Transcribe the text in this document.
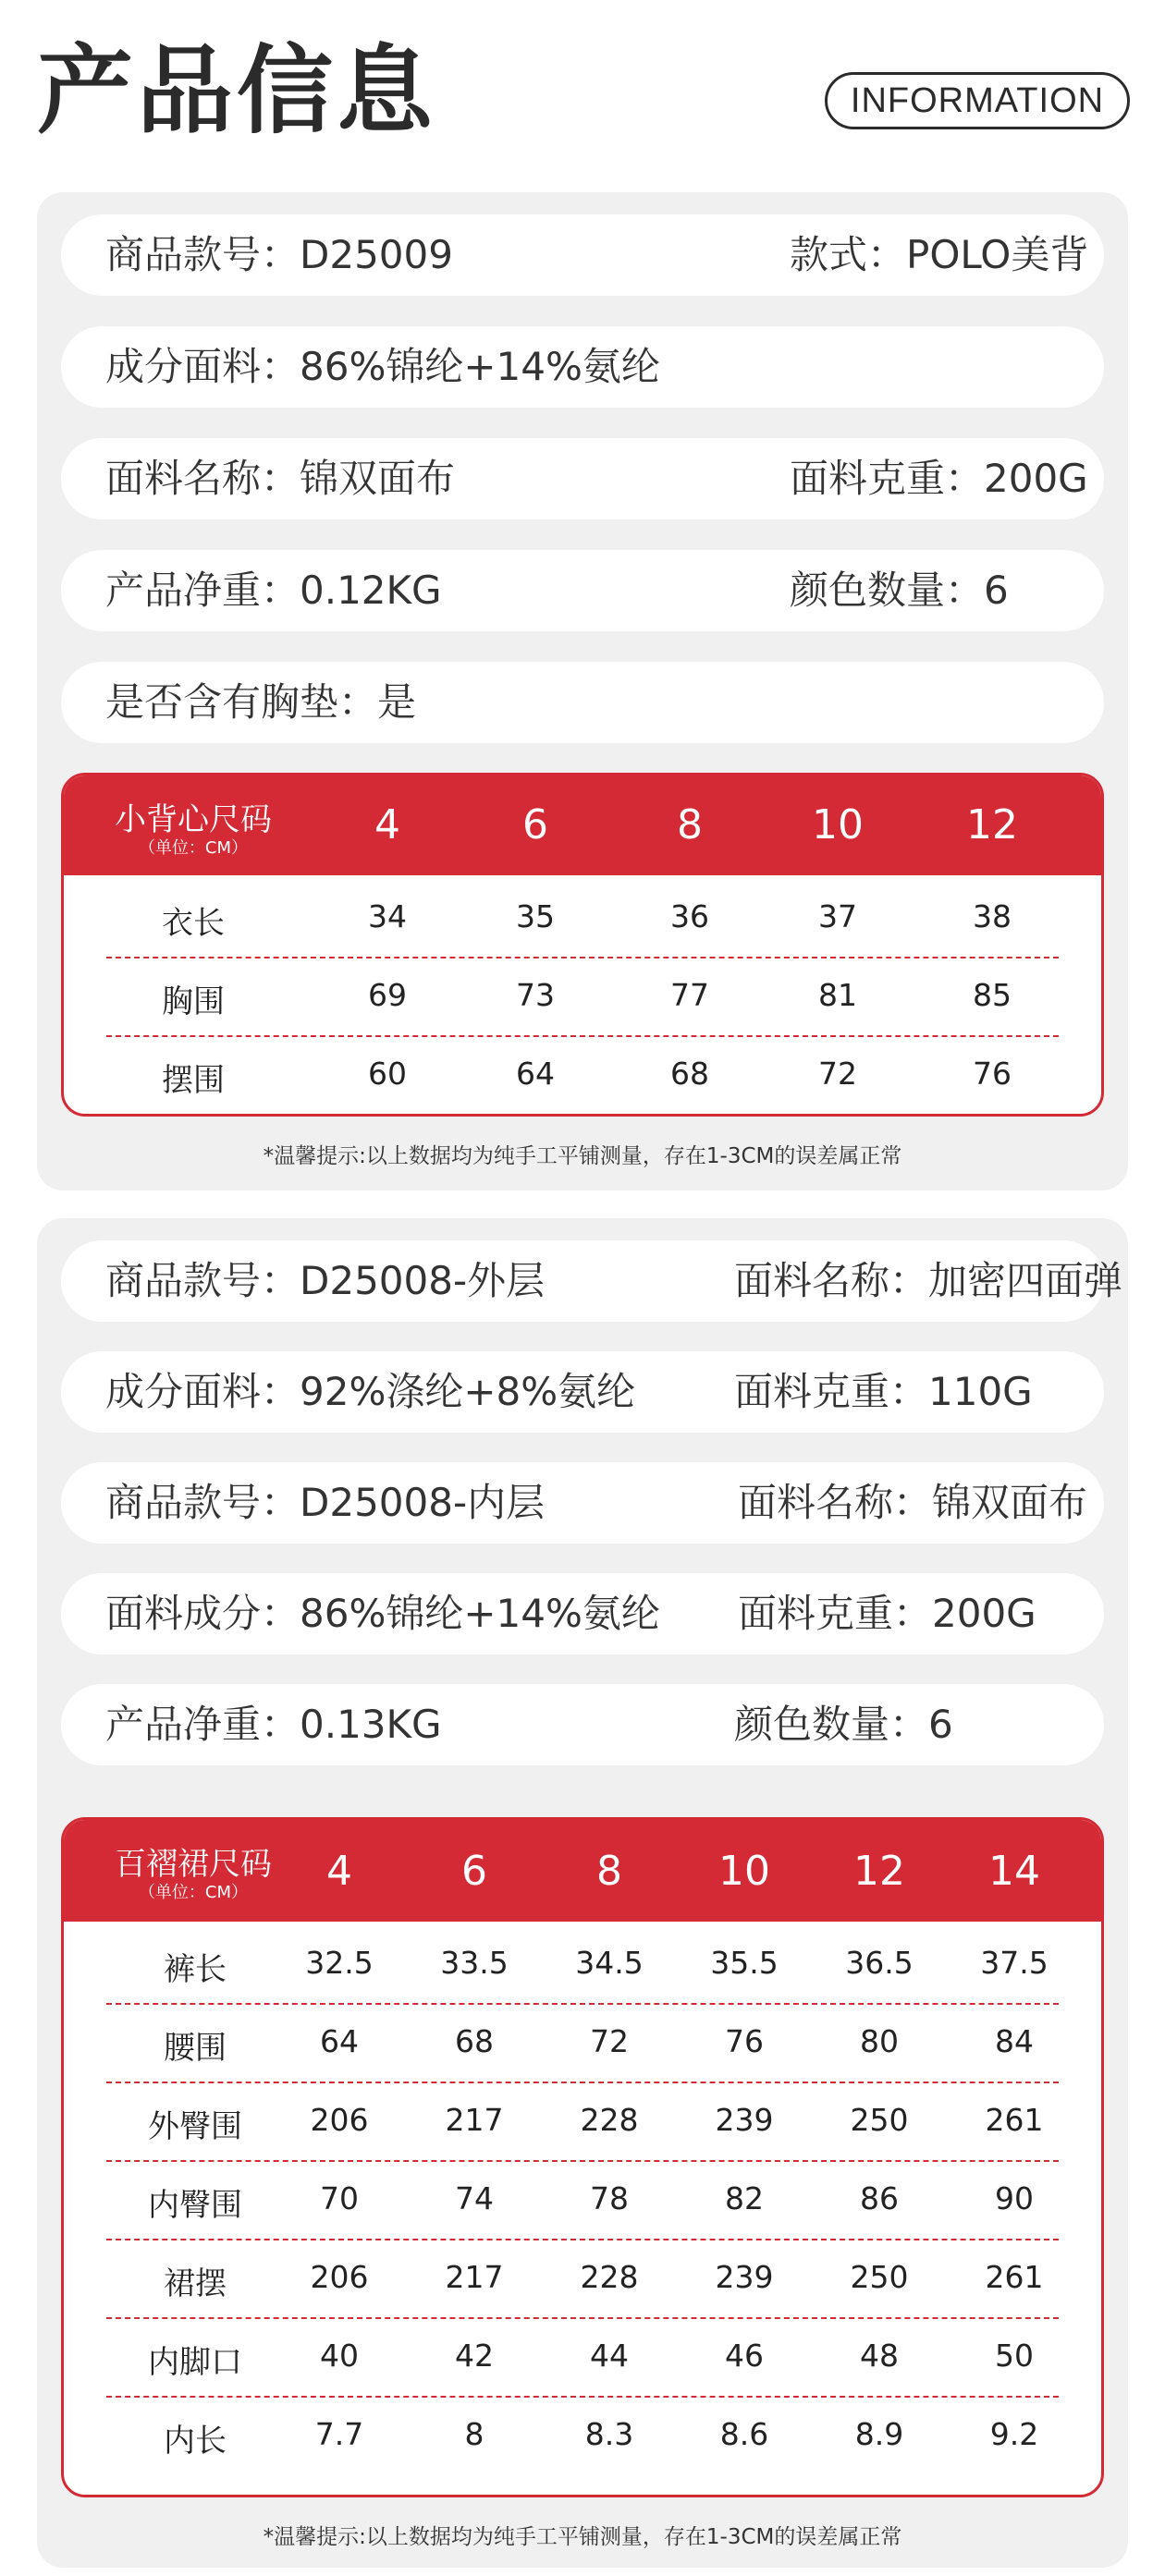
产品信息	INFORMATION
商品款号：D25009	款式：POLO美背
成分面料：86%锦纶+14%氨纶
面料名称：锦双面布	面料克重：200G
产品净重：0.12KG	颜色数量：6
是否含有胸垫：是
小背心尺码
（单位：CM）	4	6	8	10	12
衣长	34	35	36	37	38
胸围	69	73	77	81	85
摆围	60	64	68	72	76
*温馨提示:以上数据均为纯手工平铺测量，存在1-3CM的误差属正常
商品款号：D25008-外层	面料名称：加密四面弹
成分面料：92%涤纶+8%氨纶	面料克重：110G
商品款号：D25008-内层	面料名称：锦双面布
面料成分：86%锦纶+14%氨纶 面料克重：200G
产品净重：0.13KG	颜色数量：6
百褶裙尺码
（单位：CM）	4	6	8	10	12	14
裤长	32.5	33.5	34.5	35.5	36.5	37.5
腰围	64	68	72	76	80	84
外臀围	206	217	228	239	250	261
内臀围	70	74	78	82	86	90
裙摆	206	217	228	239	250	261
内脚口	40	42	44	46	48	50
内长	7.7	8	8.3	8.6	8.9	9.2
*温馨提示:以上数据均为纯手工平铺测量，存在1-3CM的误差属正常
